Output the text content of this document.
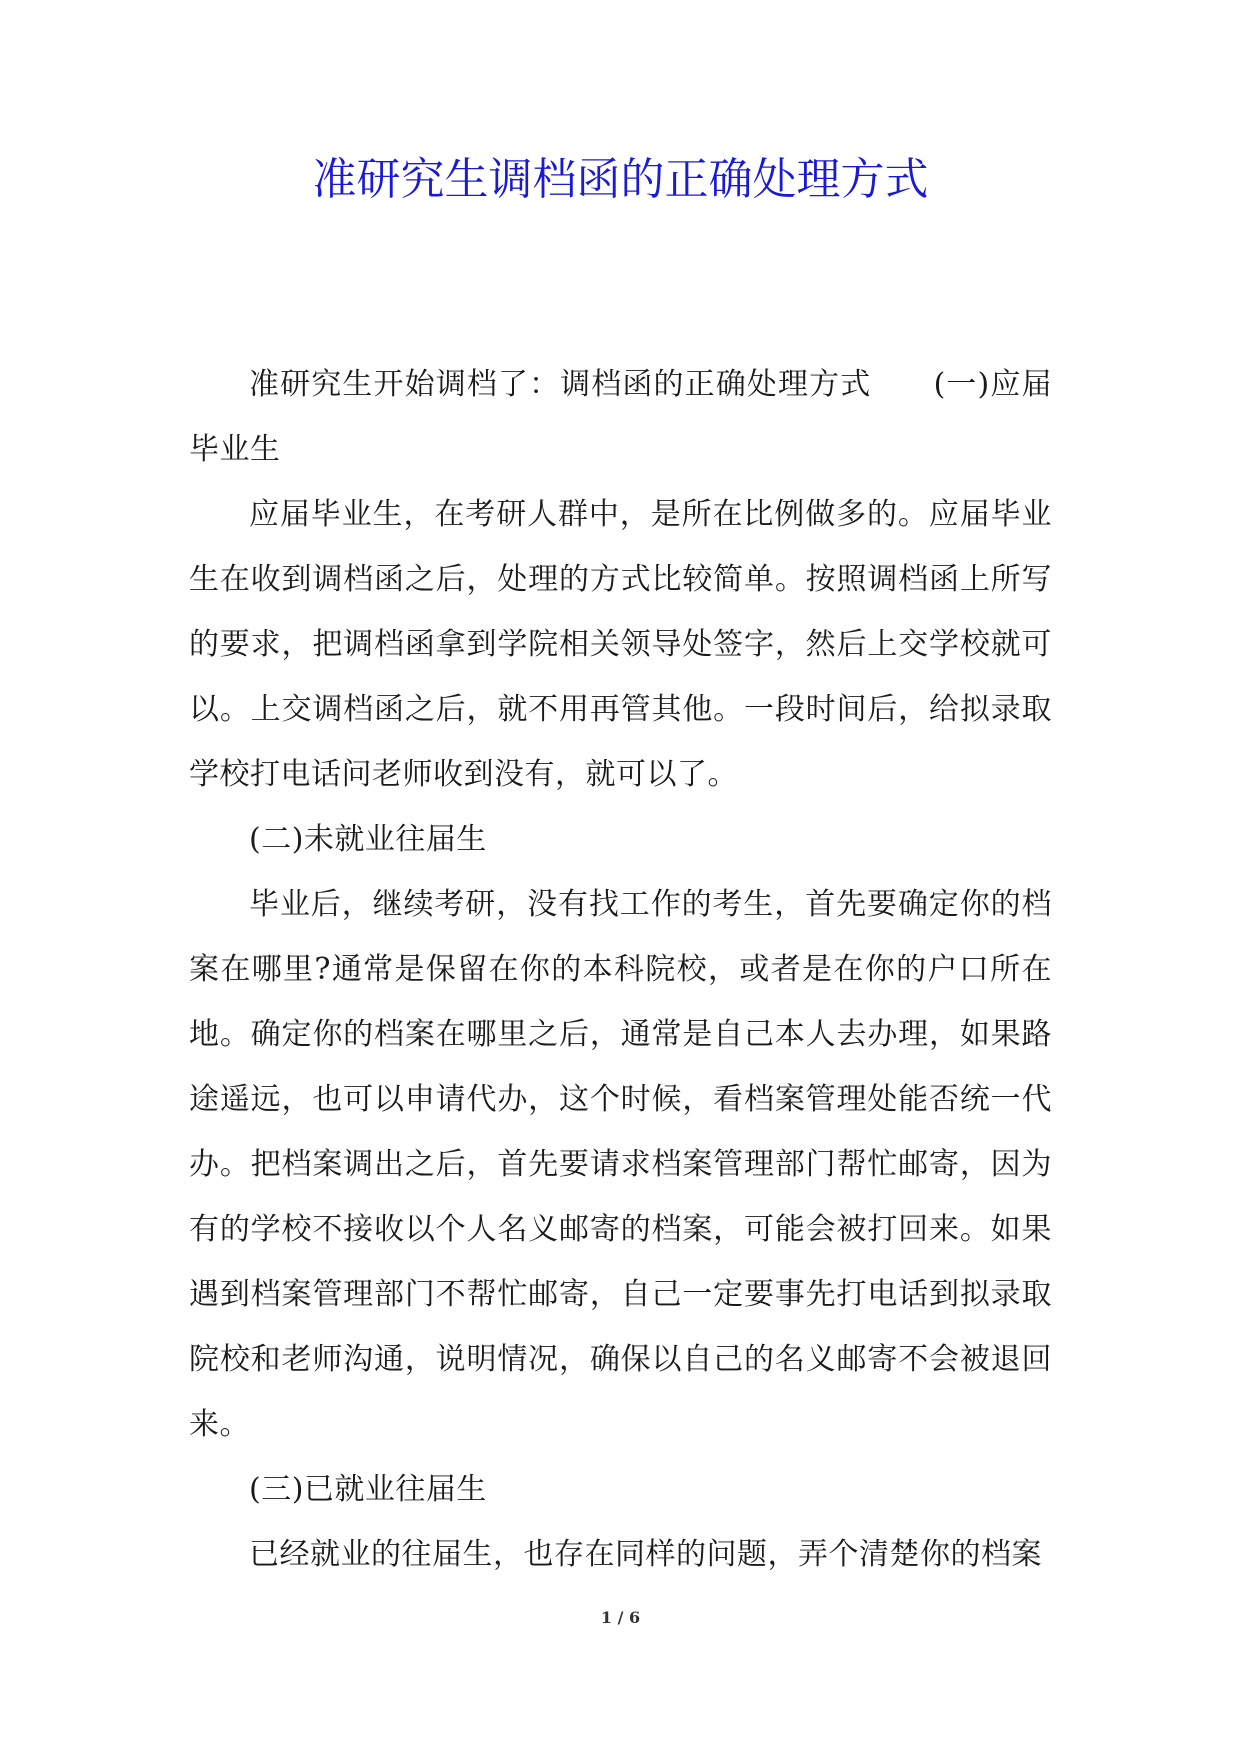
准研究生调档函的正确处理方式

准研究生开始调档了：调档函的正确处理方式　　(一)应届毕业生

应届毕业生，在考研人群中，是所在比例做多的。应届毕业生在收到调档函之后，处理的方式比较简单。按照调档函上所写的要求，把调档函拿到学院相关领导处签字，然后上交学校就可以。上交调档函之后，就不用再管其他。一段时间后，给拟录取学校打电话问老师收到没有，就可以了。

(二)未就业往届生

毕业后，继续考研，没有找工作的考生，首先要确定你的档案在哪里?通常是保留在你的本科院校，或者是在你的户口所在地。确定你的档案在哪里之后，通常是自己本人去办理，如果路途遥远，也可以申请代办，这个时候，看档案管理处能否统一代办。把档案调出之后，首先要请求档案管理部门帮忙邮寄，因为有的学校不接收以个人名义邮寄的档案，可能会被打回来。如果遇到档案管理部门不帮忙邮寄，自己一定要事先打电话到拟录取院校和老师沟通，说明情况，确保以自己的名义邮寄不会被退回来。

(三)已就业往届生

已经就业的往届生，也存在同样的问题，弄个清楚你的档案

1 / 6
